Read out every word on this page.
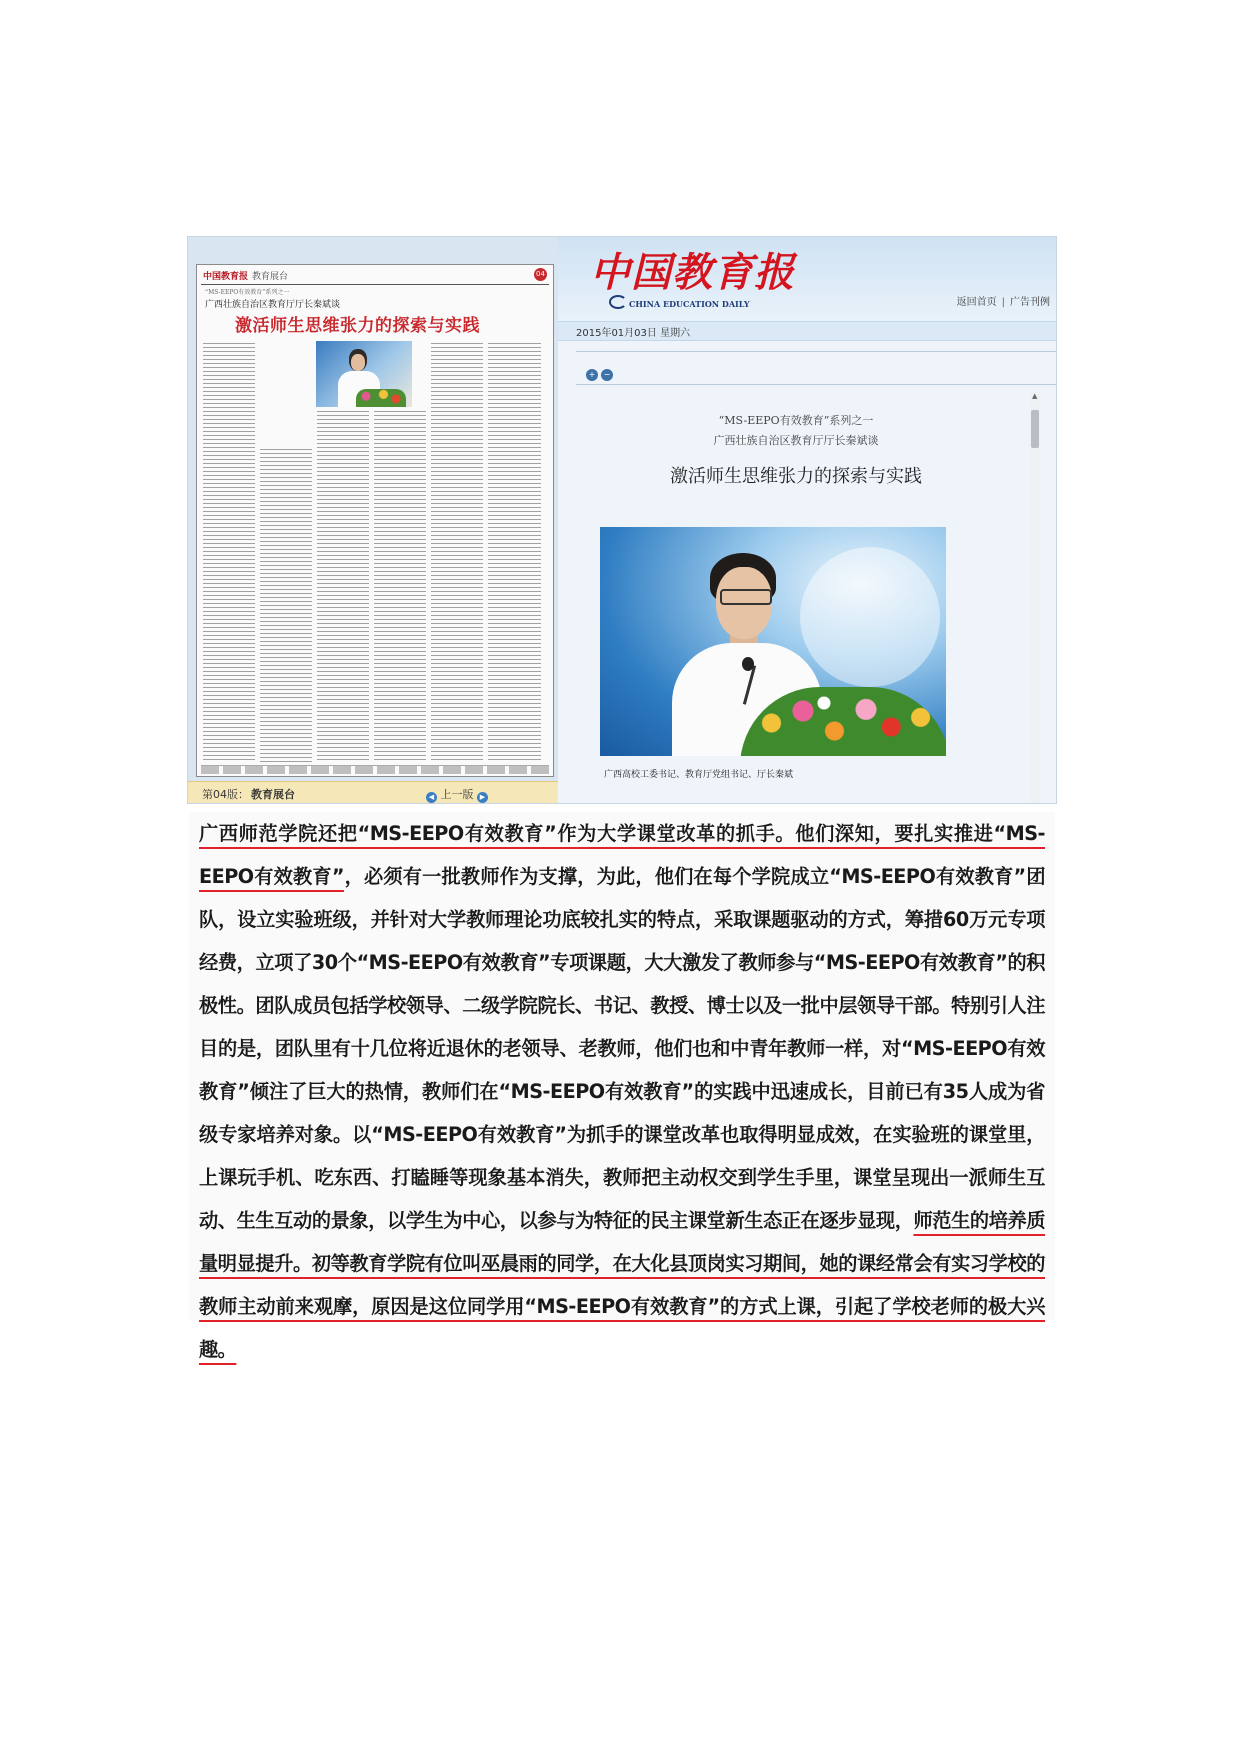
中国教育报 教育展台	04
“MS-EEPO有效教育”系列之一
广西壮族自治区教育厅厅长秦斌谈
激活师生思维张力的探索与实践
第04版： 教育展台	◀ 上一版 ▶
中国教育报
CHINA EDUCATION DAILY	返回首页 | 广告刊例
2015年01月03日 星期六
+ −
▲
“MS-EEPO有效教育”系列之一
广西壮族自治区教育厅厅长秦斌谈
激活师生思维张力的探索与实践
广西高校工委书记、教育厅党组书记、厅长秦斌

广西师范学院还把“MS-EEPO有效教育”作为大学课堂改革的抓手。他们深知，要扎实推进“MS-EEPO有效教育”，必须有一批教师作为支撑，为此，他们在每个学院成立“MS-EEPO有效教育”团队，设立实验班级，并针对大学教师理论功底较扎实的特点，采取课题驱动的方式，筹措60万元专项经费，立项了30个“MS-EEPO有效教育”专项课题，大大激发了教师参与“MS-EEPO有效教育”的积极性。团队成员包括学校领导、二级学院院长、书记、教授、博士以及一批中层领导干部。特别引人注目的是，团队里有十几位将近退休的老领导、老教师，他们也和中青年教师一样，对“MS-EEPO有效教育”倾注了巨大的热情，教师们在“MS-EEPO有效教育”的实践中迅速成长，目前已有35人成为省级专家培养对象。以“MS-EEPO有效教育”为抓手的课堂改革也取得明显成效，在实验班的课堂里，上课玩手机、吃东西、打瞌睡等现象基本消失，教师把主动权交到学生手里，课堂呈现出一派师生互动、生生互动的景象，以学生为中心，以参与为特征的民主课堂新生态正在逐步显现，师范生的培养质量明显提升。初等教育学院有位叫巫晨雨的同学，在大化县顶岗实习期间，她的课经常会有实习学校的教师主动前来观摩，原因是这位同学用“MS-EEPO有效教育”的方式上课，引起了学校老师的极大兴趣。
